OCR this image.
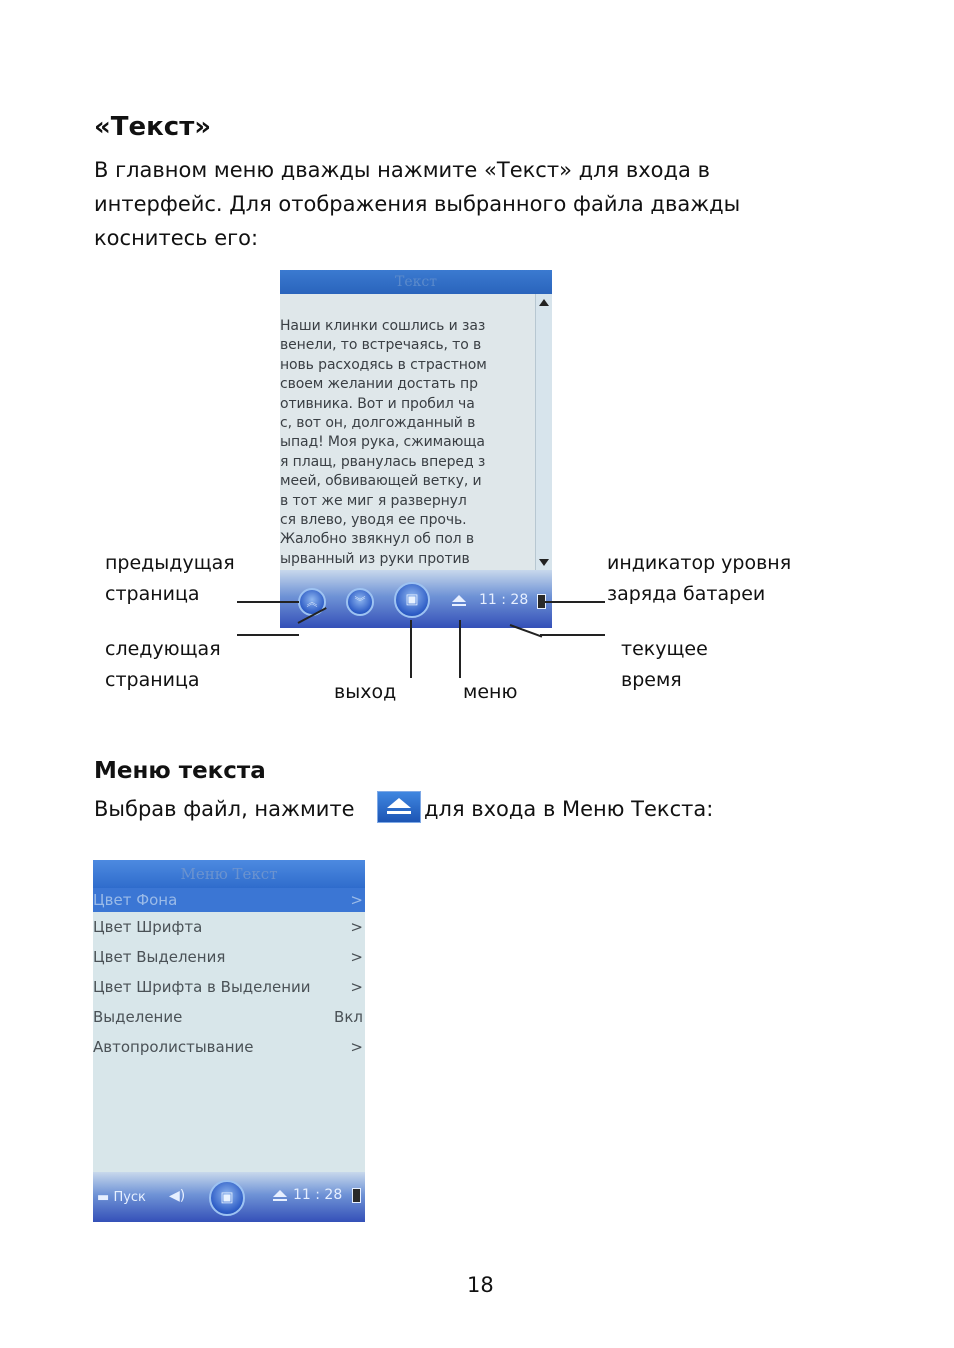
«Текст»
В главном меню дважды нажмите «Текст» для входа в
интерфейс. Для отображения выбранного файла дважды
коснитесь его:
Текст
Наши клинки сошлись и зaз
венели, то встречаясь, то в
новь расходясь в страстном
своем желании достать пр
отивника. Вот и пробил ча
с, вот он, долгожданный в
ыпад! Моя рука, сжимающа
я плащ, рванулась вперед з
меей, обвивающей ветку, и
в тот же миг я развернул
ся влево, уводя ее прочь.
Жалобно звякнул об пол в
ырванный из руки против
︽	︾	▣	11 : 28
предыдущая
страница
следующая
страница
выход	меню
индикатор уровня
заряда батареи
текущее
время
Меню текста
Выбрав файл, нажмите	для входа в Меню Текста:
Меню Текст
Цвет Фона	>
Цвет Шрифта	>
Цвет Выделения	>
Цвет Шрифта в Выделении	>
Выделение	Вкл
Автопролистывание	>
▬ Пуск ◀)	▣	11 : 28
18
